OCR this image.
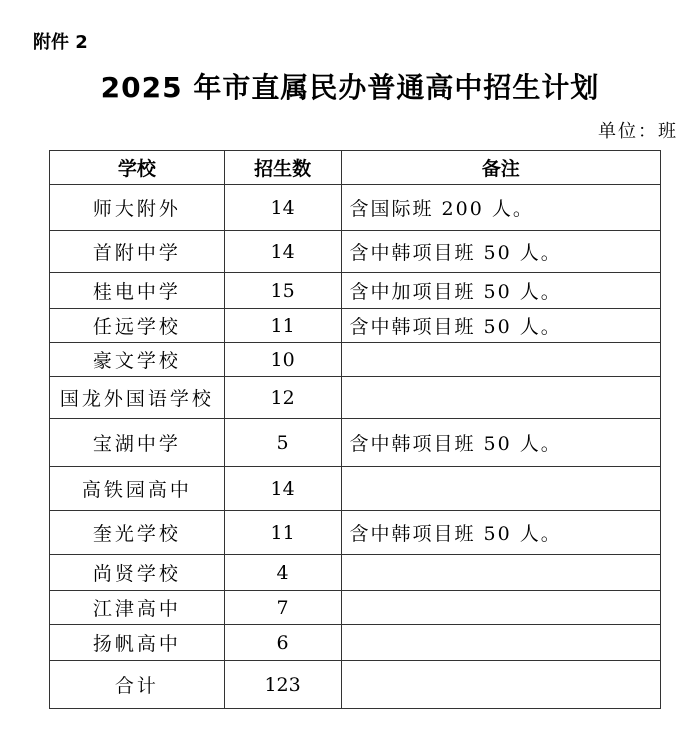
附件 2
2025 年市直属民办普通高中招生计划
单位：班
学校	招生数	备注
师大附外	14	含国际班 200 人。
首附中学	14	含中韩项目班 50 人。
桂电中学	15	含中加项目班 50 人。
任远学校	11	含中韩项目班 50 人。
豪文学校	10	
国龙外国语学校	12	
宝湖中学	5	含中韩项目班 50 人。
高铁园高中	14	
奎光学校	11	含中韩项目班 50 人。
尚贤学校	4	
江津高中	7	
扬帆高中	6	
合计	123	
